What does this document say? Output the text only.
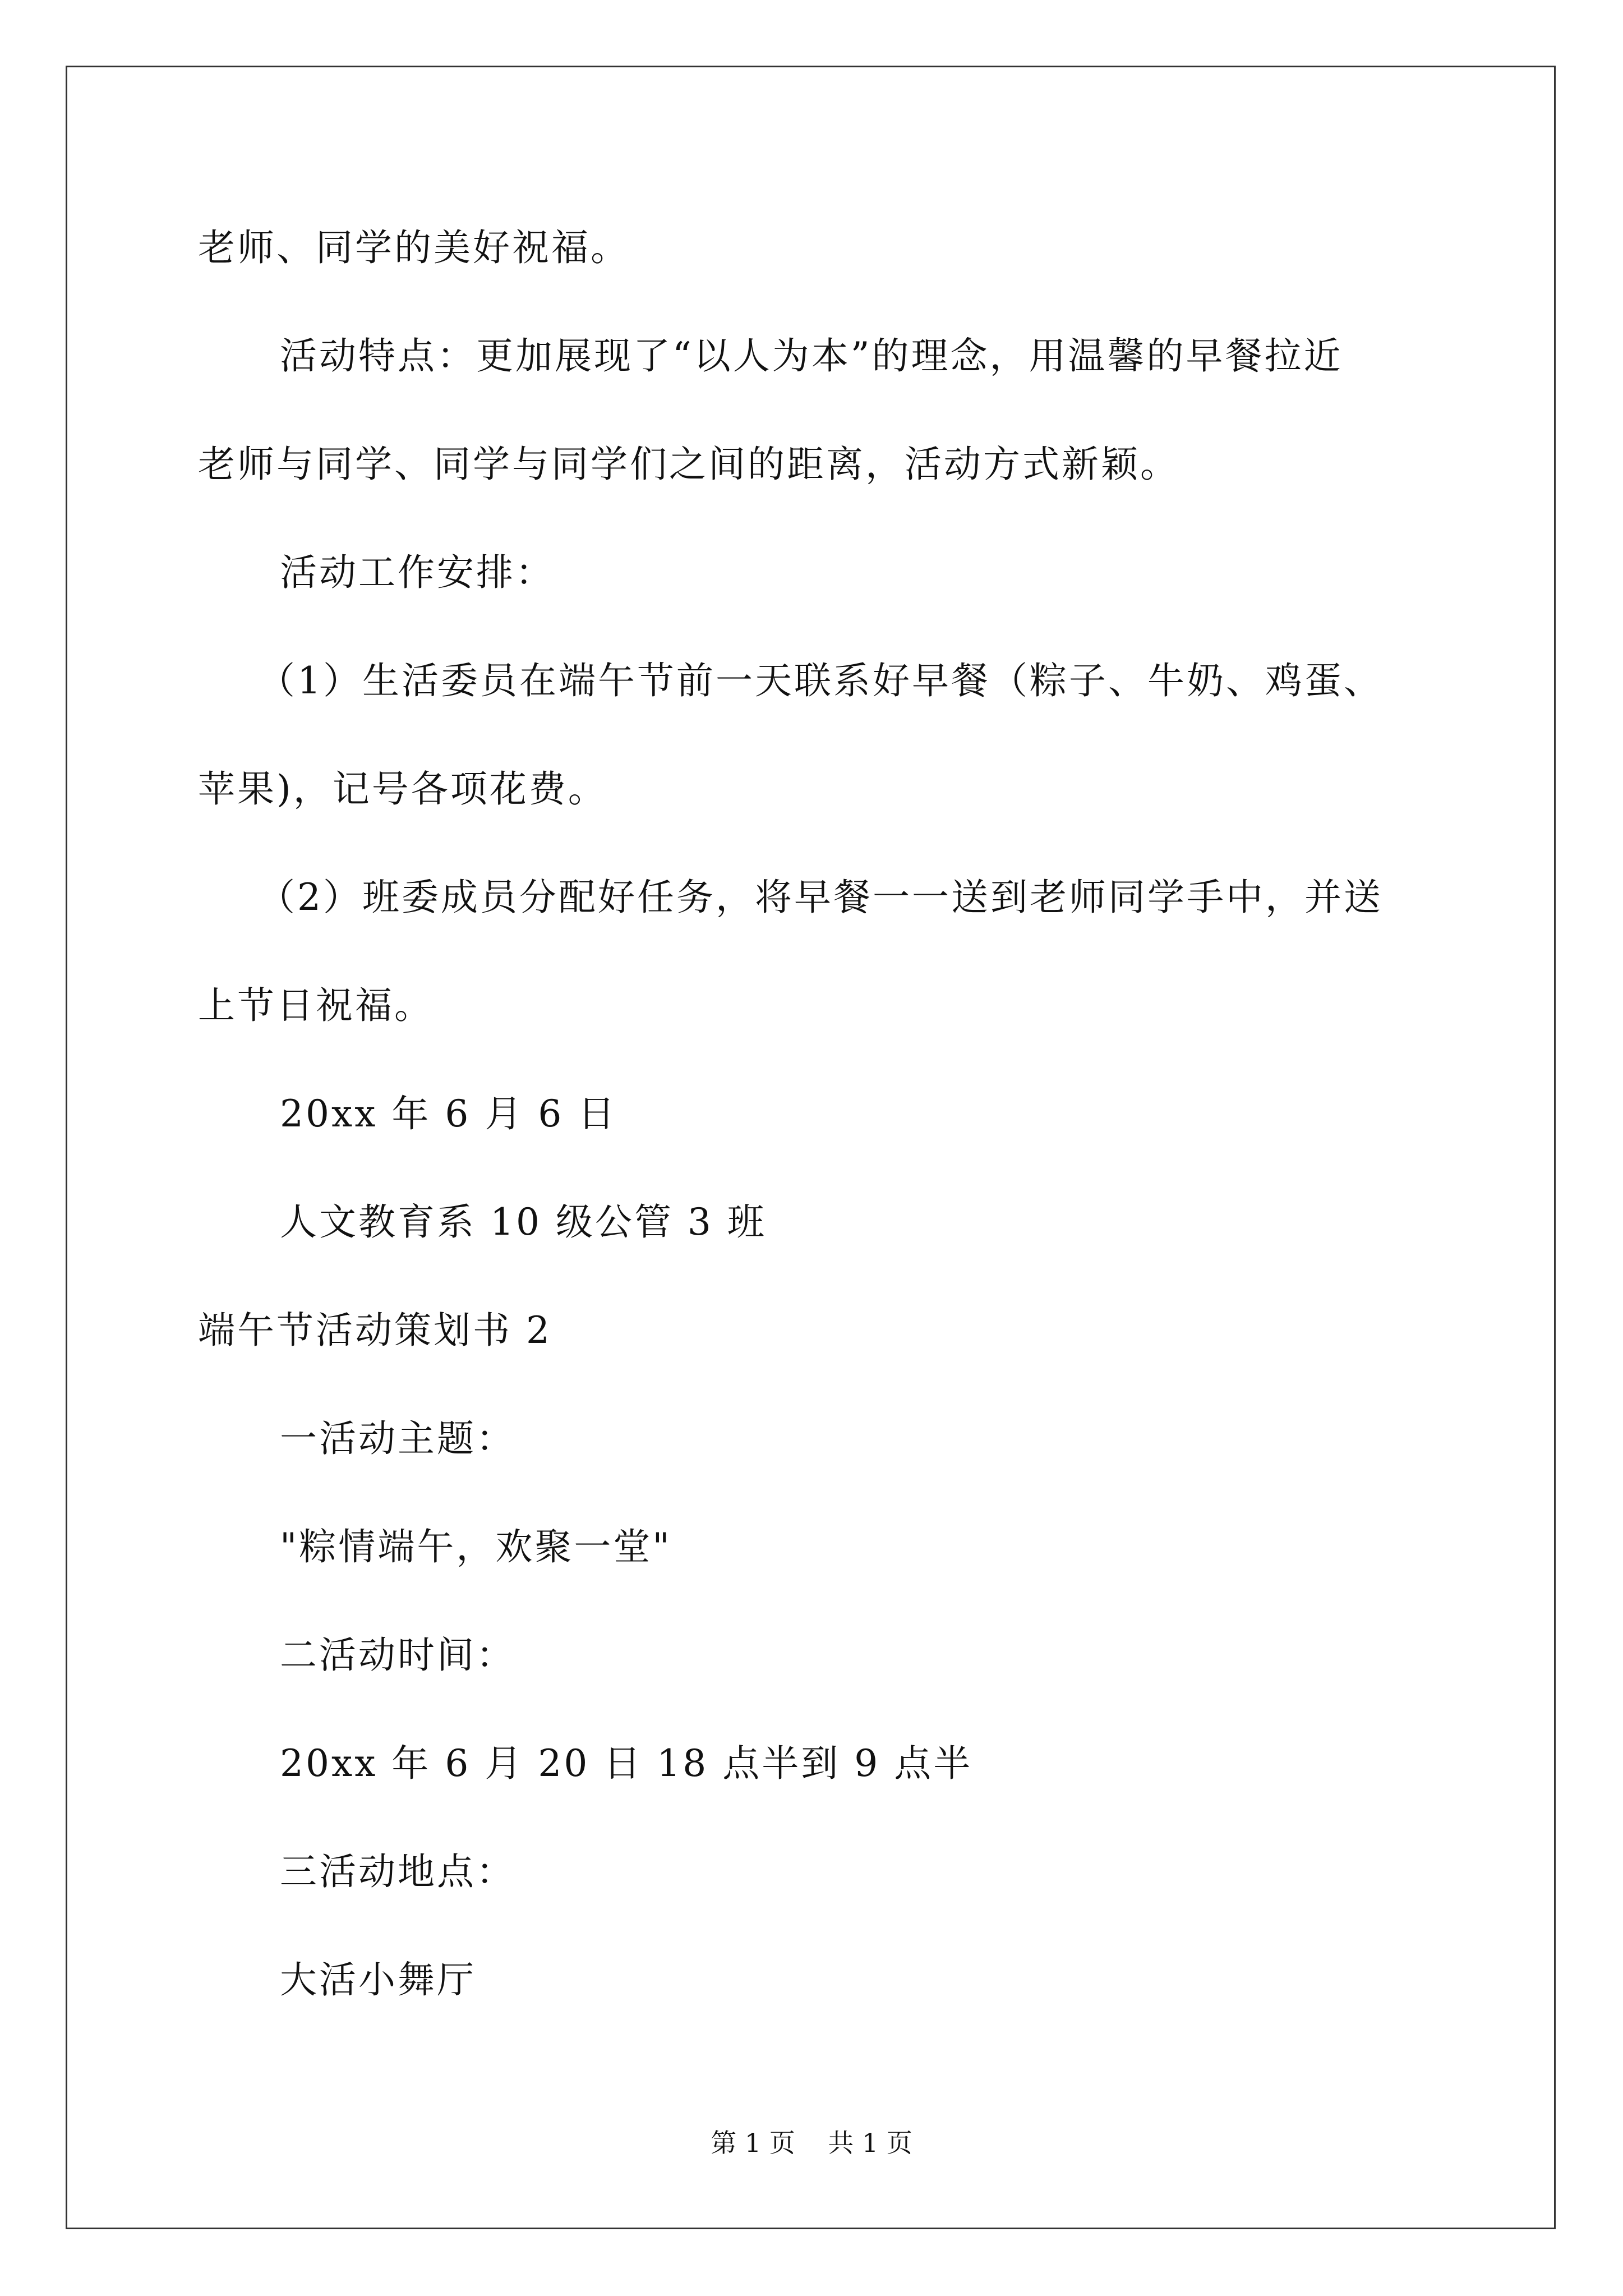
老师、同学的美好祝福。
活动特点：更加展现了“以人为本”的理念，用温馨的早餐拉近
老师与同学、同学与同学们之间的距离，活动方式新颖。
活动工作安排：
（1）生活委员在端午节前一天联系好早餐（粽子、牛奶、鸡蛋、
苹果)，记号各项花费。
（2）班委成员分配好任务，将早餐一一送到老师同学手中，并送
上节日祝福。
20xx 年 6 月 6 日
人文教育系 10 级公管 3 班
端午节活动策划书 2
一活动主题：
"粽情端午，欢聚一堂"
二活动时间：
20xx 年 6 月 20 日 18 点半到 9 点半
三活动地点：
大活小舞厅
第 1 页    共 1 页
